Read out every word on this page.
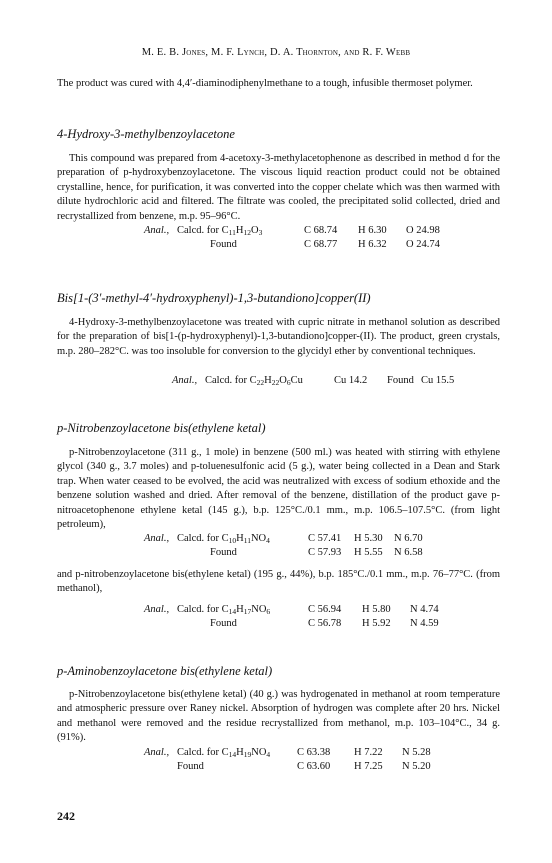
M. E. B. Jones, M. F. Lynch, D. A. Thornton, and R. F. Webb

The product was cured with 4,4′-diaminodiphenylmethane to a tough, infusible thermoset polymer.

4-Hydroxy-3-methylbenzoylacetone

This compound was prepared from 4-acetoxy-3-methylacetophenone as described in method d for the preparation of p-hydroxybenzoylacetone. The viscous liquid reaction product could not be obtained crystalline, hence, for purification, it was converted into the copper chelate which was then warmed with dilute hydrochloric acid and filtered. The filtrate was cooled, the precipitated solid collected, dried and recrystallized from benzene, m.p. 95–96°C.

Anal., Calcd. for $C_{11}H_{12}O_3$	C 68.74 H 6.30 O 24.98
Found	C 68.77 H 6.32 O 24.74
Bis[1-(3′-methyl-4′-hydroxyphenyl)-1,3-butandiono]copper(II)

4-Hydroxy-3-methylbenzoylacetone was treated with cupric nitrate in methanol solution as described for the preparation of bis[1-(p-hydroxyphenyl)-1,3-butandiono]copper-(II). The product, green crystals, m.p. 280–282°C. was too insoluble for conversion to the glycidyl ether by conventional techniques.

Anal., Calcd. for $C_{22}H_{22}O_6Cu$	Cu 14.2 Found Cu 15.5
p-Nitrobenzoylacetone bis(ethylene ketal)

p-Nitrobenzoylacetone (311 g., 1 mole) in benzene (500 ml.) was heated with stirring with ethylene glycol (340 g., 3.7 moles) and p-toluenesulfonic acid (5 g.), water being collected in a Dean and Stark trap. When water ceased to be evolved, the acid was neutralized with excess of sodium ethoxide and the benzene solution washed and dried. After removal of the benzene, distillation of the product gave p-nitroacetophenone ethylene ketal (145 g.), b.p. 125°C./0.1 mm., m.p. 106.5–107.5°C. (from light petroleum),

Anal., Calcd. for $C_{10}H_{11}NO_4$	C 57.41 H 5.30 N 6.70
Found	C 57.93 H 5.55 N 6.58

and p-nitrobenzoylacetone bis(ethylene ketal) (195 g., 44%), b.p. 185°C./0.1 mm., m.p. 76–77°C. (from methanol),

Anal., Calcd. for $C_{14}H_{17}NO_6$	C 56.94 H 5.80 N 4.74
Found	C 56.78 H 5.92 N 4.59
p-Aminobenzoylacetone bis(ethylene ketal)

p-Nitrobenzoylacetone bis(ethylene ketal) (40 g.) was hydrogenated in methanol at room temperature and atmospheric pressure over Raney nickel. Absorption of hydrogen was complete after 20 hrs. Nickel and methanol were removed and the residue recrystallized from methanol, m.p. 103–104°C., 34 g. (91%).

Anal., Calcd. for $C_{14}H_{19}NO_4$	C 63.38 H 7.22 N 5.28
Found	C 63.60 H 7.25 N 5.20
242
